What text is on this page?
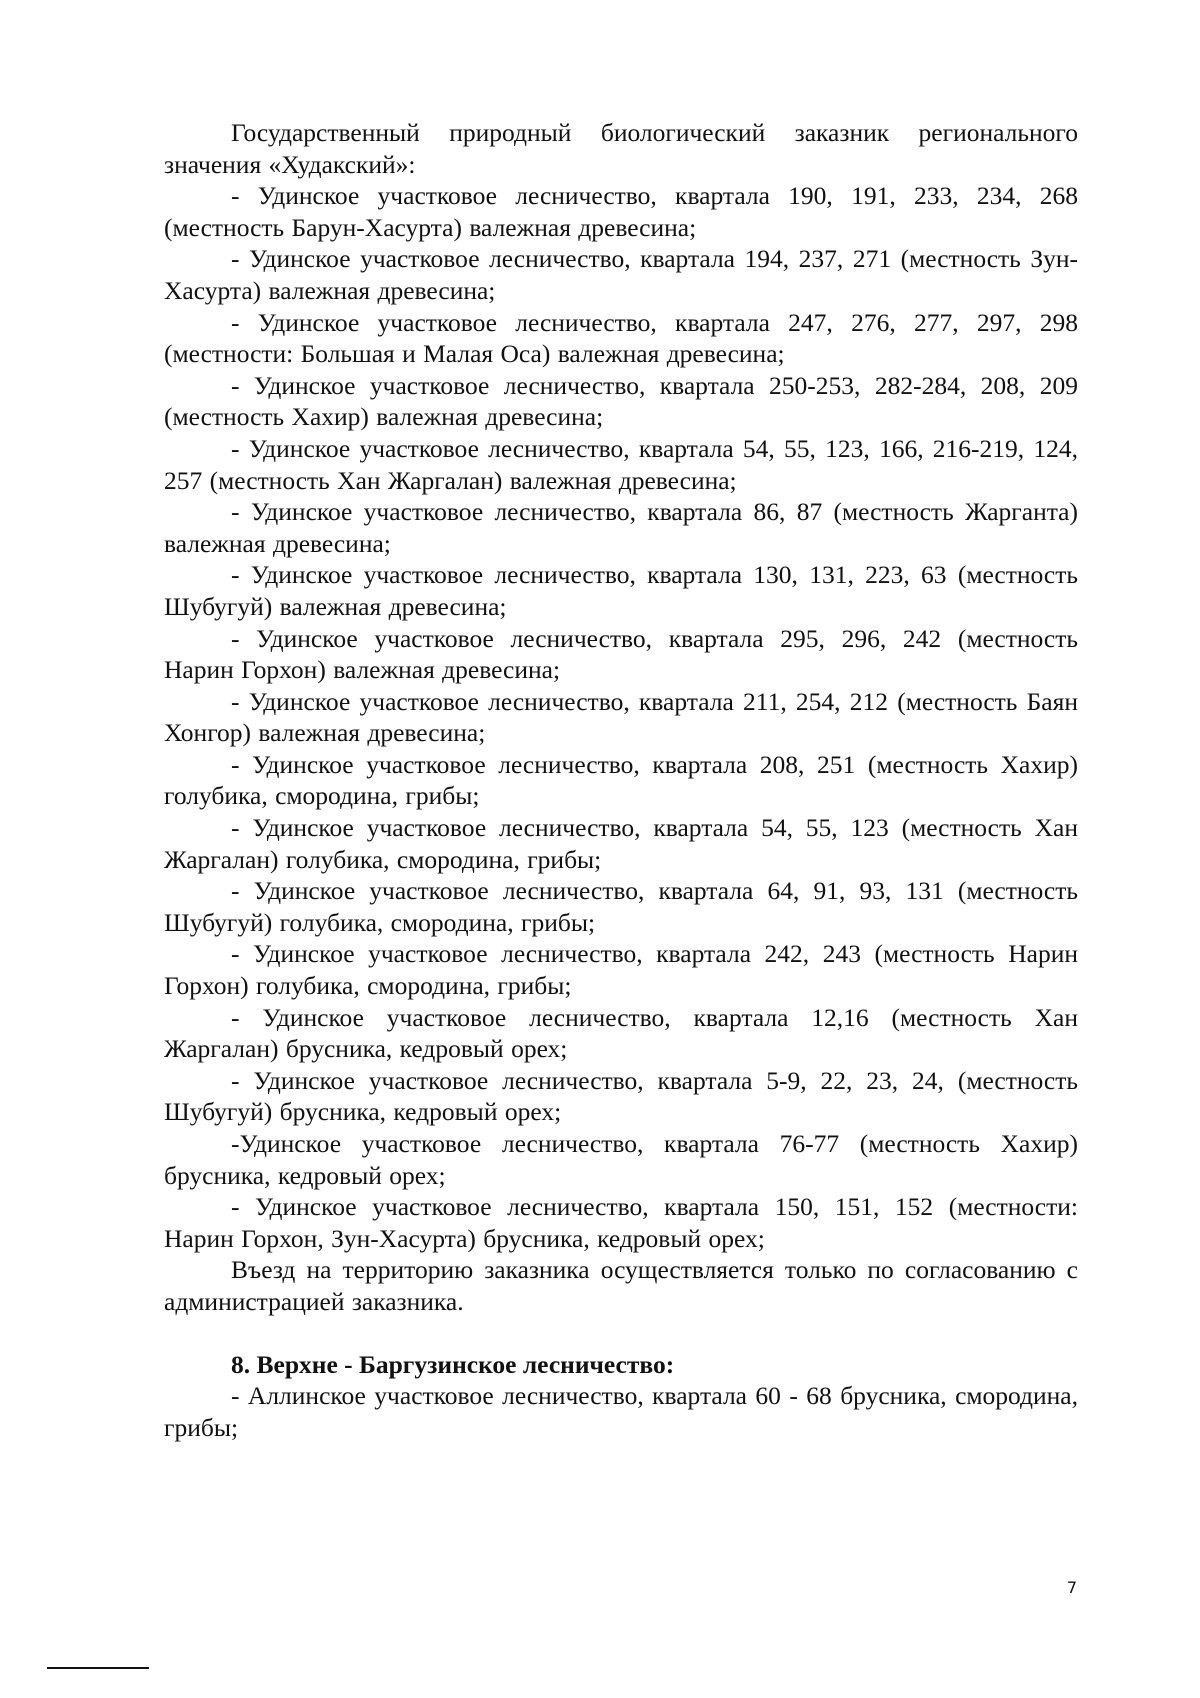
Государственный природный биологический заказник регионального значения «Худакский»:

- Удинское участковое лесничество, квартала 190, 191, 233, 234, 268 (местность Барун-Хасурта) валежная древесина;

- Удинское участковое лесничество, квартала 194, 237, 271 (местность Зун-Хасурта) валежная древесина;

- Удинское участковое лесничество, квартала 247, 276, 277, 297, 298 (местности: Большая и Малая Оса) валежная древесина;

- Удинское участковое лесничество, квартала 250-253, 282-284, 208, 209 (местность Хахир) валежная древесина;

- Удинское участковое лесничество, квартала 54, 55, 123, 166, 216-219, 124, 257 (местность Хан Жаргалан) валежная древесина;

- Удинское участковое лесничество, квартала 86, 87 (местность Жарганта) валежная древесина;

- Удинское участковое лесничество, квартала 130, 131, 223, 63 (местность Шубугуй) валежная древесина;

- Удинское участковое лесничество, квартала 295, 296, 242 (местность Нарин Горхон) валежная древесина;

- Удинское участковое лесничество, квартала 211, 254, 212 (местность Баян Хонгор) валежная древесина;

- Удинское участковое лесничество, квартала 208, 251 (местность Хахир) голубика, смородина, грибы;

- Удинское участковое лесничество, квартала 54, 55, 123 (местность Хан Жаргалан) голубика, смородина, грибы;

- Удинское участковое лесничество, квартала 64, 91, 93, 131 (местность Шубугуй) голубика, смородина, грибы;

- Удинское участковое лесничество, квартала 242, 243 (местность Нарин Горхон) голубика, смородина, грибы;

- Удинское участковое лесничество, квартала 12,16 (местность Хан Жаргалан) брусника, кедровый орех;

- Удинское участковое лесничество, квартала 5-9, 22, 23, 24, (местность Шубугуй) брусника, кедровый орех;

-Удинское участковое лесничество, квартала 76-77 (местность Хахир) брусника, кедровый орех;

- Удинское участковое лесничество, квартала 150, 151, 152 (местности: Нарин Горхон, Зун-Хасурта) брусника, кедровый орех;

Въезд на территорию заказника осуществляется только по согласованию с администрацией заказника.

8. Верхне - Баргузинское лесничество:

- Аллинское участковое лесничество, квартала 60 - 68 брусника, смородина, грибы;

7
